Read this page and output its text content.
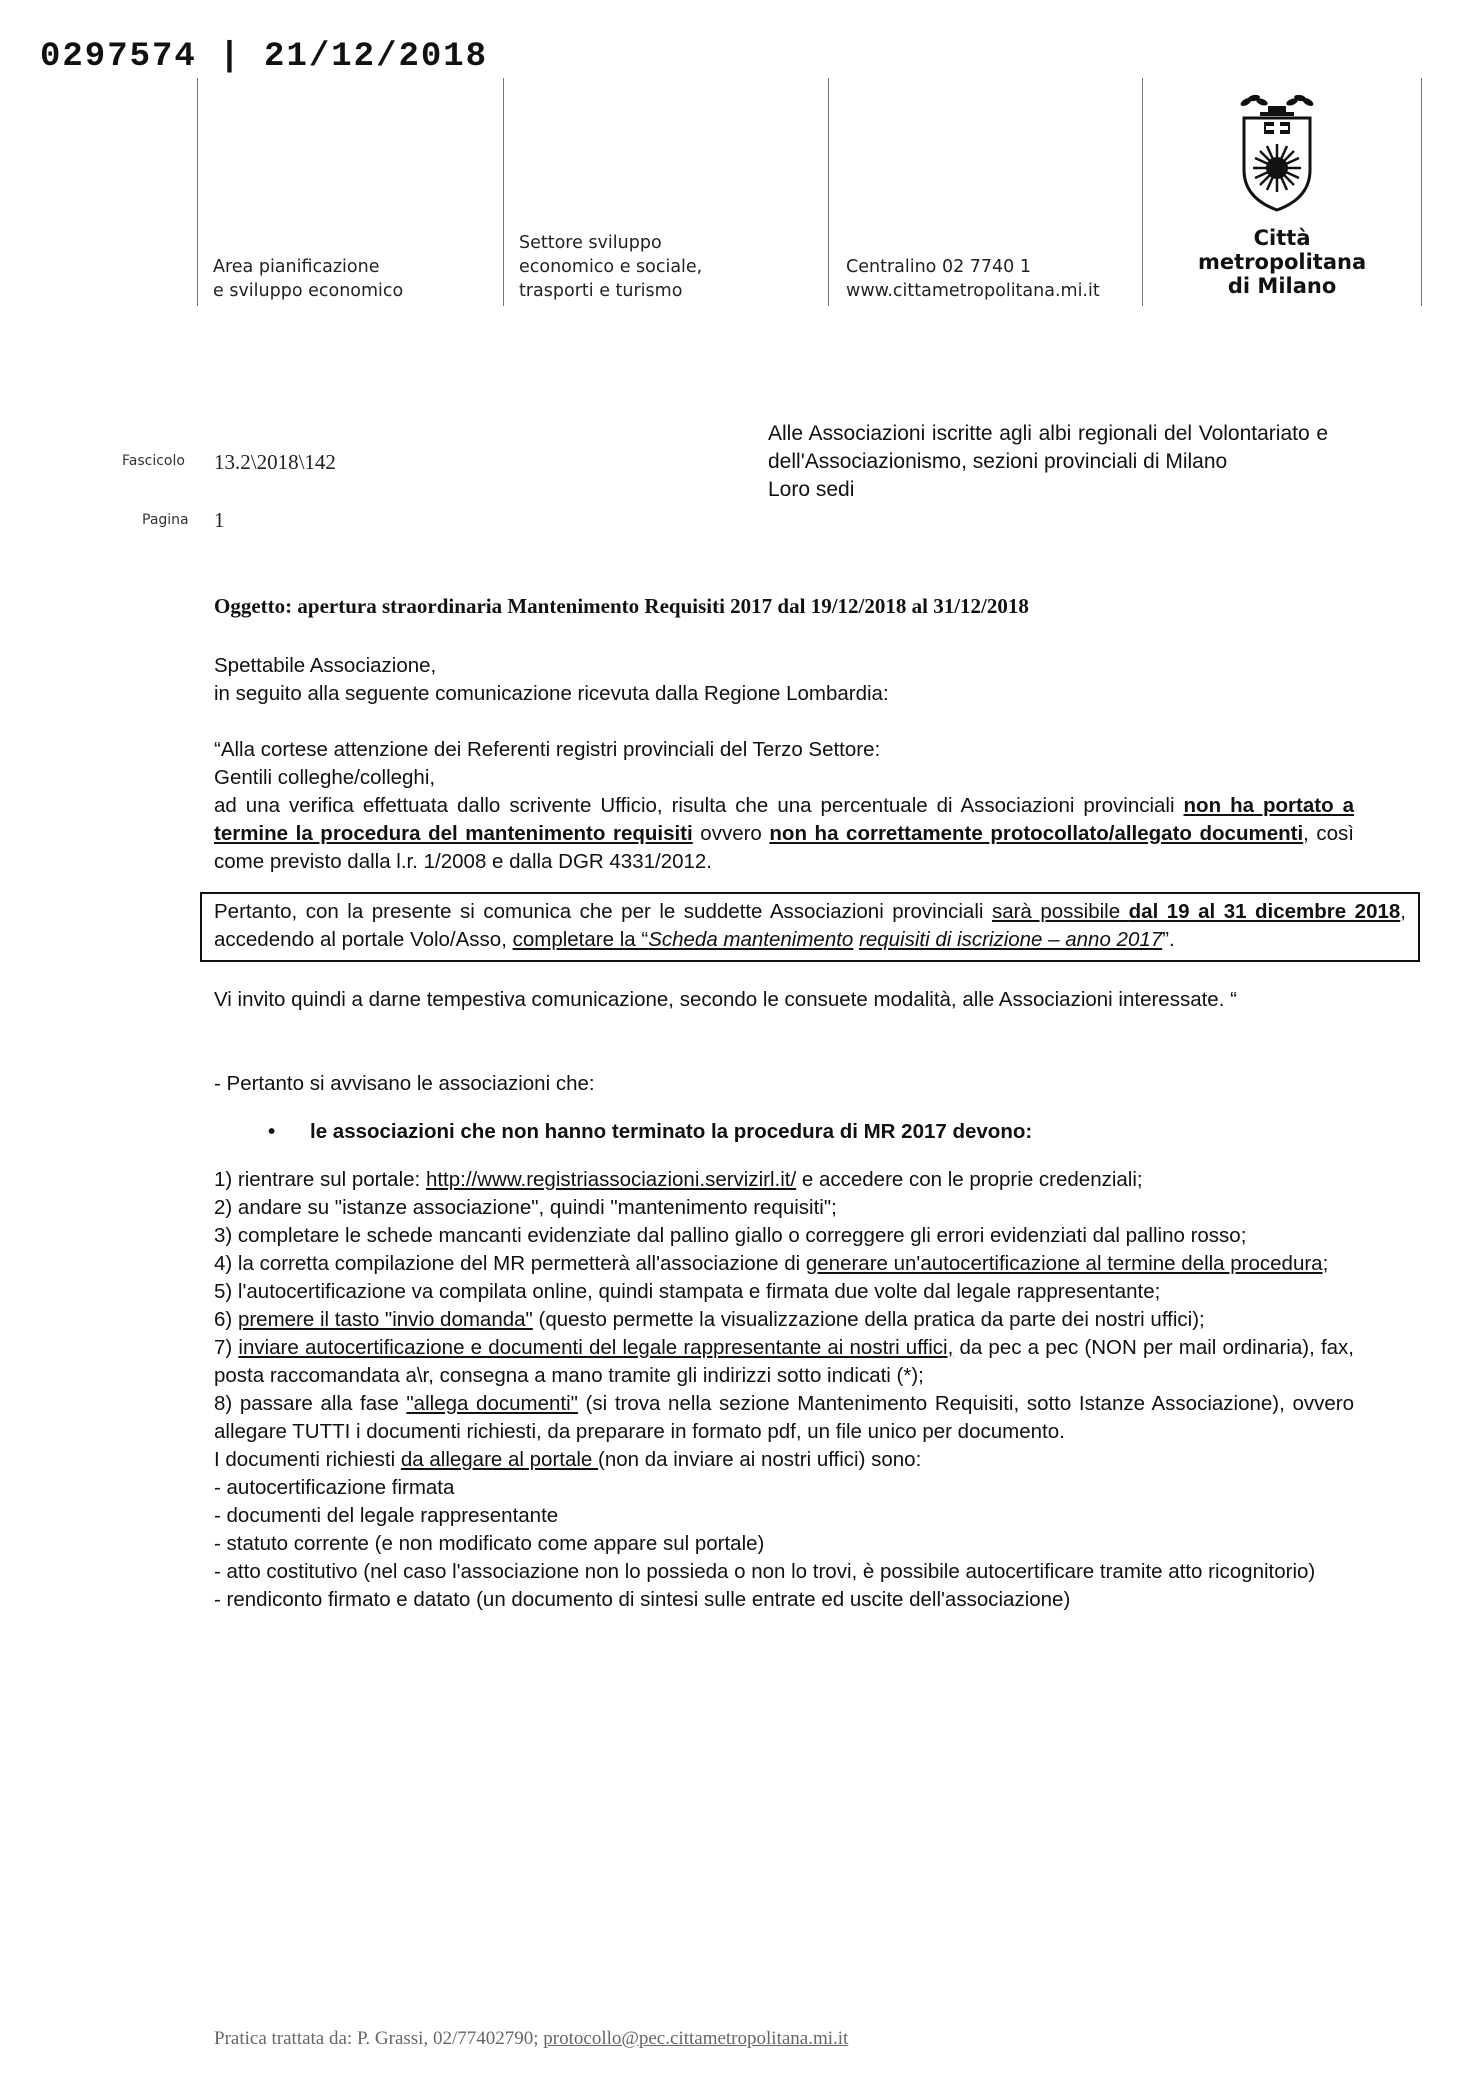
0297574 | 21/12/2018
Area pianificazione
e sviluppo economico
Settore sviluppo
economico e sociale,
trasporti e turismo
Centralino 02 7740 1
www.cittametropolitana.mi.it
Città
metropolitana
di Milano
Fascicolo 13.2\2018\142
Pagina 1
Alle Associazioni iscritte agli albi regionali del Volontariato e dell'Associazionismo, sezioni provinciali di Milano
Loro sedi
Oggetto: apertura straordinaria Mantenimento Requisiti 2017 dal 19/12/2018 al 31/12/2018

Spettabile Associazione,

in seguito alla seguente comunicazione ricevuta dalla Regione Lombardia:

“Alla cortese attenzione dei Referenti registri provinciali del Terzo Settore:

Gentili colleghe/colleghi,

ad una verifica effettuata dallo scrivente Ufficio, risulta che una percentuale di Associazioni provinciali non ha portato a termine la procedura del mantenimento requisiti ovvero non ha correttamente protocollato/allegato documenti, così come previsto dalla l.r. 1/2008 e dalla DGR 4331/2012.

Pertanto, con la presente si comunica che per le suddette Associazioni provinciali sarà possibile dal 19 al 31 dicembre 2018, accedendo al portale Volo/Asso, completare la “Scheda mantenimento requisiti di iscrizione – anno 2017”.

Vi invito quindi a darne tempestiva comunicazione, secondo le consuete modalità, alle Associazioni interessate. “

- Pertanto si avvisano le associazioni che:

• le associazioni che non hanno terminato la procedura di MR 2017 devono:

1) rientrare sul portale: http://www.registriassociazioni.servizirl.it/ e accedere con le proprie credenziali;

2) andare su "istanze associazione", quindi "mantenimento requisiti";

3) completare le schede mancanti evidenziate dal pallino giallo o correggere gli errori evidenziati dal pallino rosso;

4) la corretta compilazione del MR permetterà all'associazione di generare un'autocertificazione al termine della procedura;

5) l'autocertificazione va compilata online, quindi stampata e firmata due volte dal legale rappresentante;

6) premere il tasto "invio domanda" (questo permette la visualizzazione della pratica da parte dei nostri uffici);

7) inviare autocertificazione e documenti del legale rappresentante ai nostri uffici, da pec a pec (NON per mail ordinaria), fax, posta raccomandata a\r, consegna a mano tramite gli indirizzi sotto indicati (*);

8) passare alla fase "allega documenti" (si trova nella sezione Mantenimento Requisiti, sotto Istanze Associazione), ovvero allegare TUTTI i documenti richiesti, da preparare in formato pdf, un file unico per documento.

I documenti richiesti da allegare al portale (non da inviare ai nostri uffici) sono:

- autocertificazione firmata

- documenti del legale rappresentante

- statuto corrente (e non modificato come appare sul portale)

- atto costitutivo (nel caso l'associazione non lo possieda o non lo trovi, è possibile autocertificare tramite atto ricognitorio)

- rendiconto firmato e datato (un documento di sintesi sulle entrate ed uscite dell'associazione)

Pratica trattata da: P. Grassi, 02/77402790; protocollo@pec.cittametropolitana.mi.it
